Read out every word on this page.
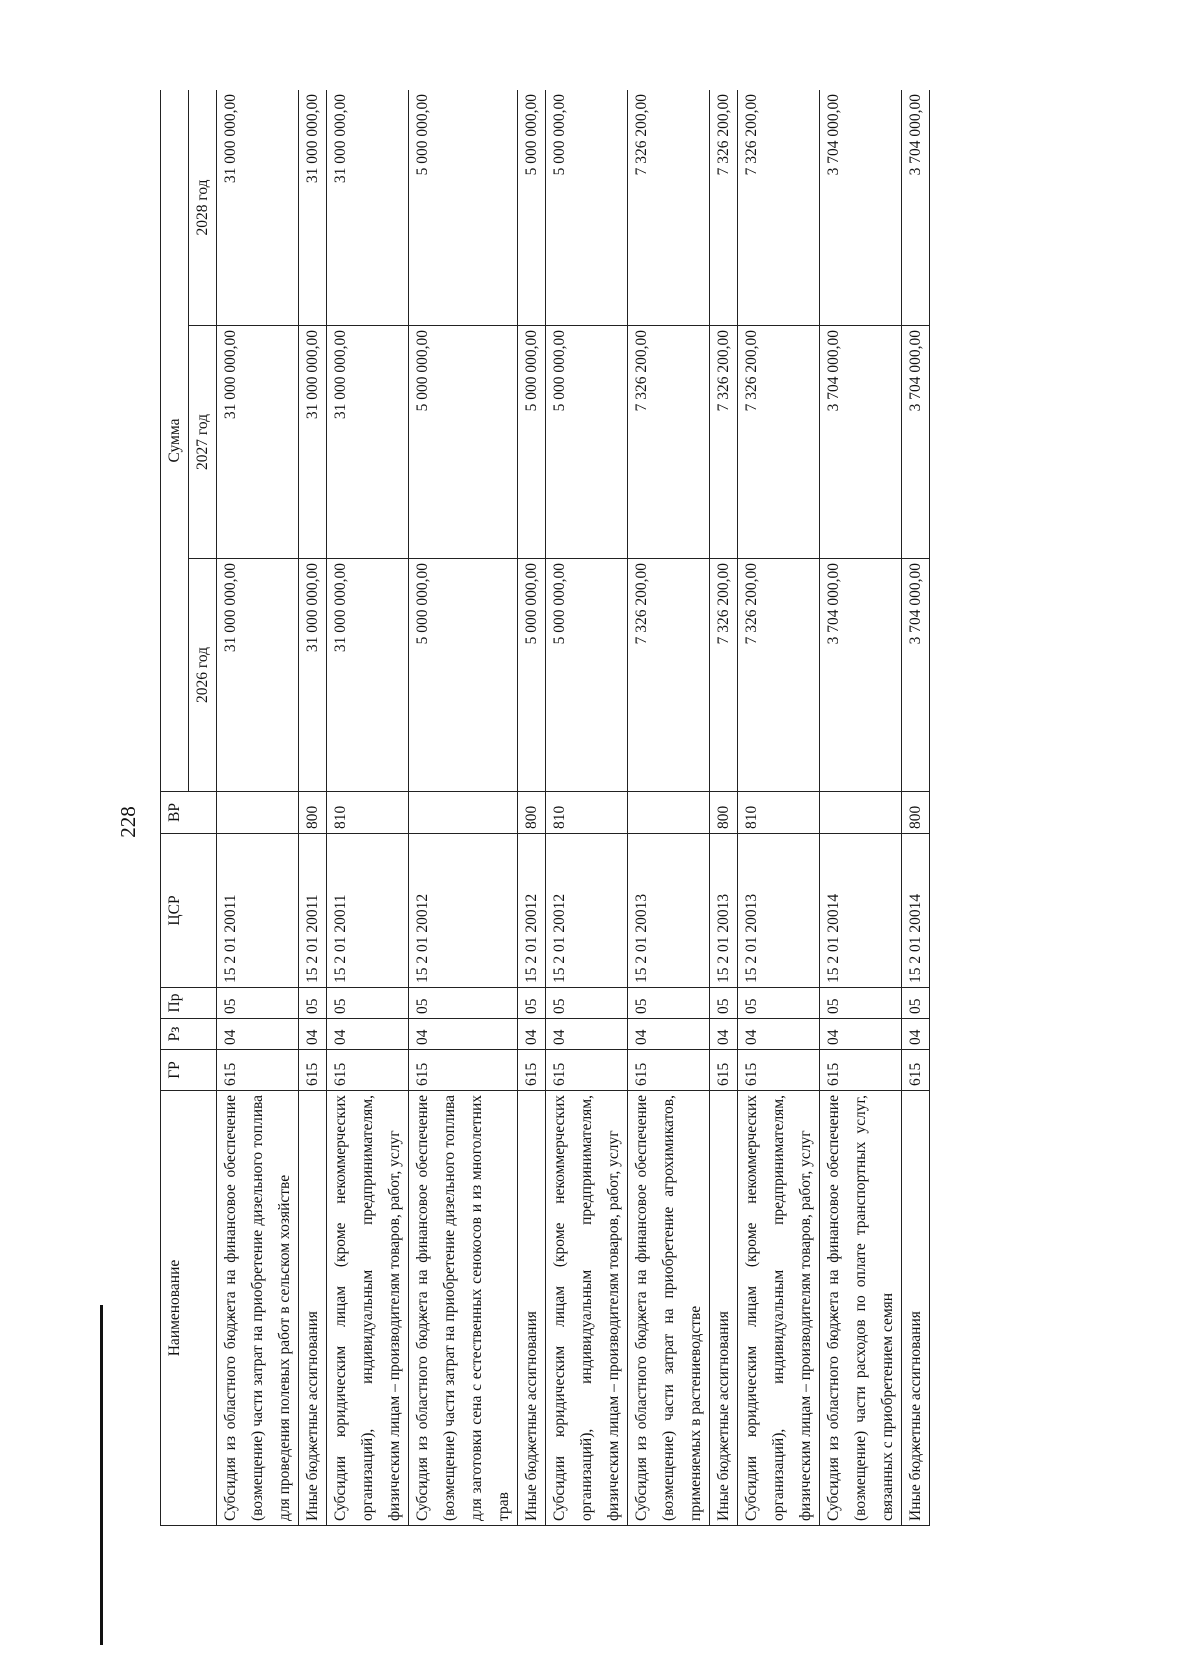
228
Наименование	ГР	Рз	Пр	ЦСР	ВР	Сумма		
						2026 год	2027 год	2028 год
Субсидия из областного бюджета на финансовое обеспечение (возмещение) части затрат на приобретение дизельного топлива для проведения полевых работ в сельском хозяйстве	615	04	05	15 2 01 20011		31 000 000,00	31 000 000,00	31 000 000,00
Иные бюджетные ассигнования	615	04	05	15 2 01 20011	800	31 000 000,00	31 000 000,00	31 000 000,00
Субсидии юридическим лицам (кроме некоммерческих организаций), индивидуальным предпринимателям, физическим лицам – производителям товаров, работ, услуг	615	04	05	15 2 01 20011	810	31 000 000,00	31 000 000,00	31 000 000,00
Субсидия из областного бюджета на финансовое обеспечение (возмещение) части затрат на приобретение дизельного топлива для заготовки сена с естественных сенокосов и из многолетних трав	615	04	05	15 2 01 20012		5 000 000,00	5 000 000,00	5 000 000,00
Иные бюджетные ассигнования	615	04	05	15 2 01 20012	800	5 000 000,00	5 000 000,00	5 000 000,00
Субсидии юридическим лицам (кроме некоммерческих организаций), индивидуальным предпринимателям, физическим лицам – производителям товаров, работ, услуг	615	04	05	15 2 01 20012	810	5 000 000,00	5 000 000,00	5 000 000,00
Субсидия из областного бюджета на финансовое обеспечение (возмещение) части затрат на приобретение агрохимикатов, применяемых в растениеводстве	615	04	05	15 2 01 20013		7 326 200,00	7 326 200,00	7 326 200,00
Иные бюджетные ассигнования	615	04	05	15 2 01 20013	800	7 326 200,00	7 326 200,00	7 326 200,00
Субсидии юридическим лицам (кроме некоммерческих организаций), индивидуальным предпринимателям, физическим лицам – производителям товаров, работ, услуг	615	04	05	15 2 01 20013	810	7 326 200,00	7 326 200,00	7 326 200,00
Субсидия из областного бюджета на финансовое обеспечение (возмещение) части расходов по оплате транспортных услуг, связанных с приобретением семян	615	04	05	15 2 01 20014		3 704 000,00	3 704 000,00	3 704 000,00
Иные бюджетные ассигнования	615	04	05	15 2 01 20014	800	3 704 000,00	3 704 000,00	3 704 000,00
